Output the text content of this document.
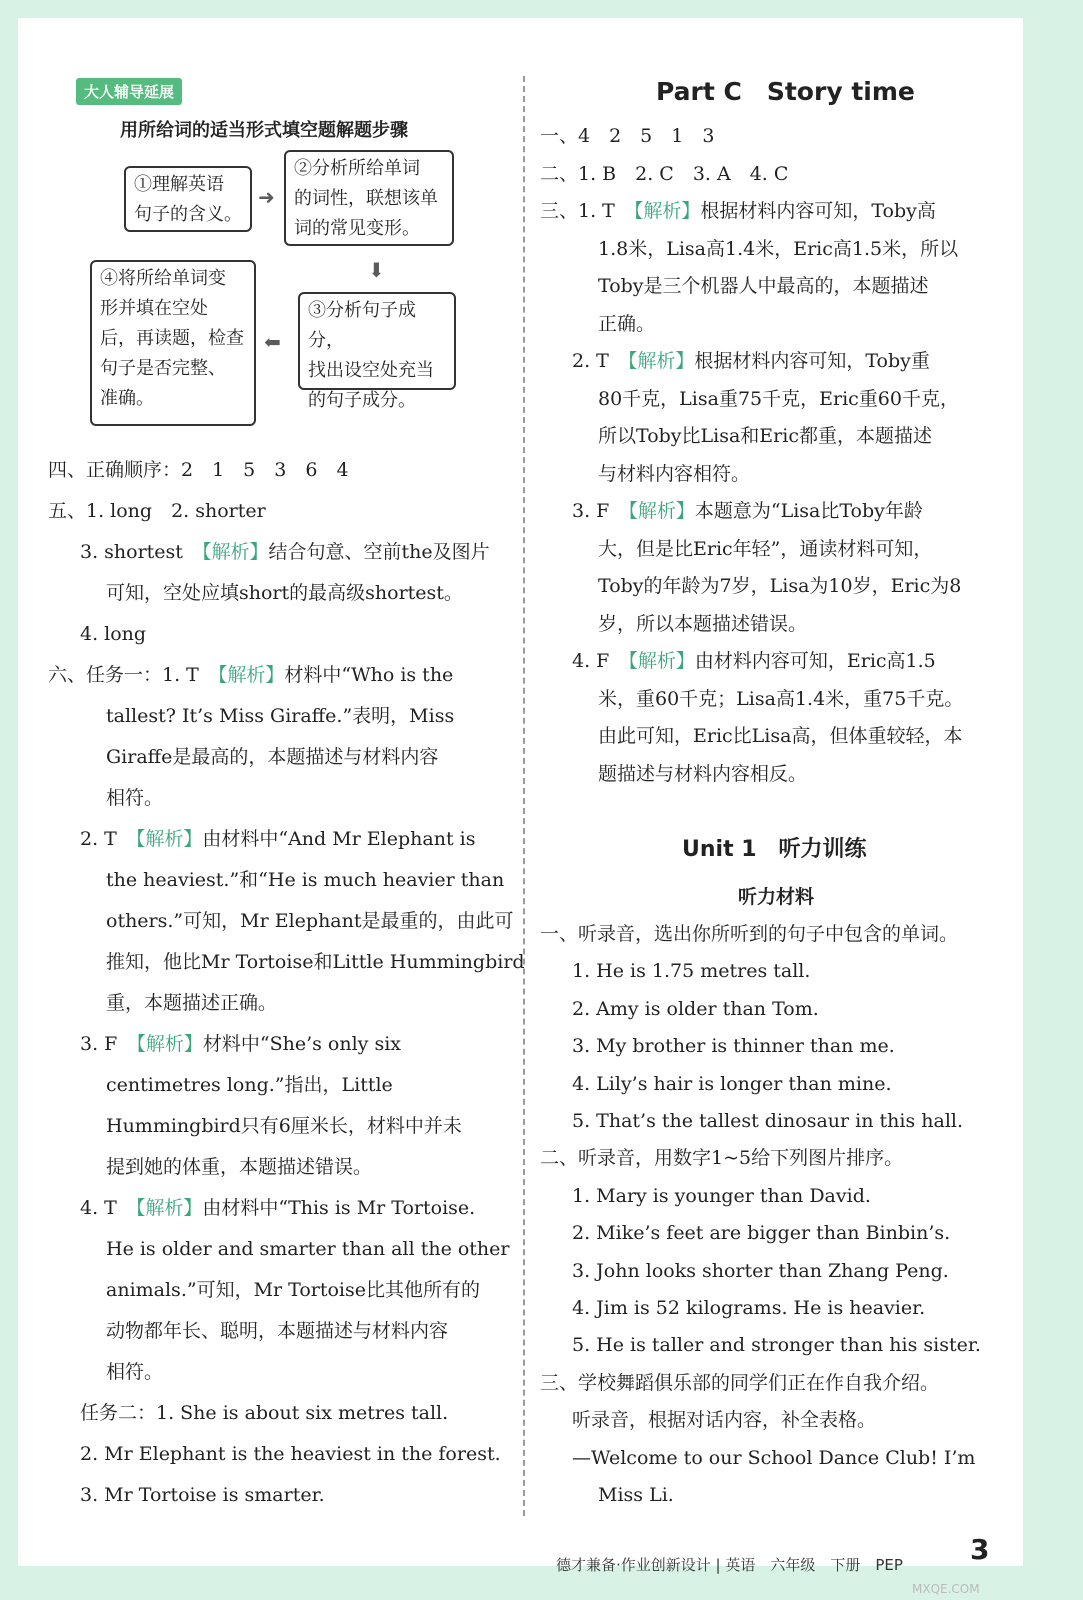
大人辅导延展
用所给词的适当形式填空题解题步骤
①理解英语
句子的含义。
➜
②分析所给单词
的词性，联想该单
词的常见变形。
⬇
③分析句子成分，
找出设空处充当
的句子成分。
⬅
④将所给单词变
形并填在空处
后，再读题，检查
句子是否完整、
准确。
四、正确顺序：2　1　5　3　6　4
五、1. long　2. shorter
3. shortest　【解析】结合句意、空前the及图片
可知，空处应填short的最高级shortest。
4. long
六、任务一：1. T　【解析】材料中“Who is the
tallest? It’s Miss Giraffe.”表明，Miss
Giraffe是最高的，本题描述与材料内容
相符。
2. T　【解析】由材料中“And Mr Elephant is
the heaviest.”和“He is much heavier than
others.”可知，Mr Elephant是最重的，由此可
推知，他比Mr Tortoise和Little Hummingbird
重，本题描述正确。
3. F　【解析】材料中“She’s only six
centimetres long.”指出，Little
Hummingbird只有6厘米长，材料中并未
提到她的体重，本题描述错误。
4. T　【解析】由材料中“This is Mr Tortoise.
He is older and smarter than all the other
animals.”可知，Mr Tortoise比其他所有的
动物都年长、聪明，本题描述与材料内容
相符。
任务二：1. She is about six metres tall.
2. Mr Elephant is the heaviest in the forest.
3. Mr Tortoise is smarter.
Part C　Story time
一、4　2　5　1　3
二、1. B　2. C　3. A　4. C
三、1. T　【解析】根据材料内容可知，Toby高
1.8米，Lisa高1.4米，Eric高1.5米，所以
Toby是三个机器人中最高的，本题描述
正确。
2. T　【解析】根据材料内容可知，Toby重
80千克，Lisa重75千克，Eric重60千克，
所以Toby比Lisa和Eric都重，本题描述
与材料内容相符。
3. F　【解析】本题意为“Lisa比Toby年龄
大，但是比Eric年轻”，通读材料可知，
Toby的年龄为7岁，Lisa为10岁，Eric为8
岁，所以本题描述错误。
4. F　【解析】由材料内容可知，Eric高1.5
米，重60千克；Lisa高1.4米，重75千克。
由此可知，Eric比Lisa高，但体重较轻，本
题描述与材料内容相反。
Unit 1　听力训练
听力材料
一、听录音，选出你所听到的句子中包含的单词。
1. He is 1.75 metres tall.
2. Amy is older than Tom.
3. My brother is thinner than me.
4. Lily’s hair is longer than mine.
5. That’s the tallest dinosaur in this hall.
二、听录音，用数字1~5给下列图片排序。
1. Mary is younger than David.
2. Mike’s feet are bigger than Binbin’s.
3. John looks shorter than Zhang Peng.
4. Jim is 52 kilograms. He is heavier.
5. He is taller and stronger than his sister.
三、学校舞蹈俱乐部的同学们正在作自我介绍。
听录音，根据对话内容，补全表格。
—Welcome to our School Dance Club! I’m
Miss Li.
德才兼备·作业创新设计 | 英语　六年级　下册　PEP 3
MXQE.COM
